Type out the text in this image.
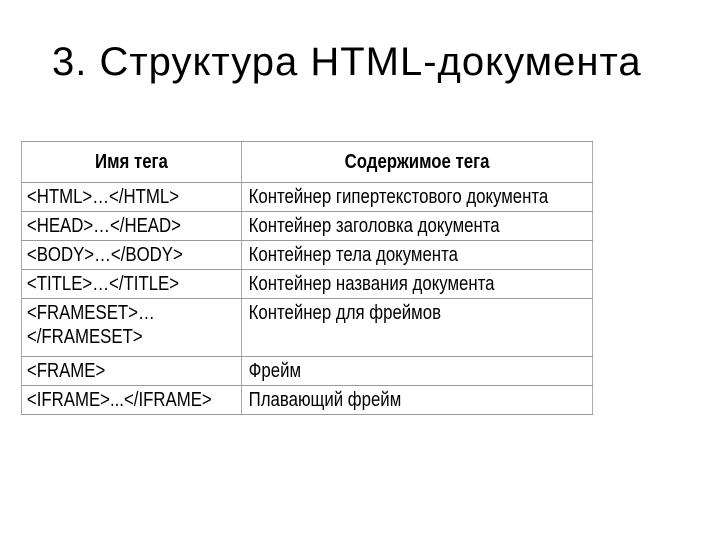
3. Структура HTML-документа
Имя тега	Содержимое тега
<HTML>…</HTML>	Контейнер гипертекстового документа
<HEAD>…</HEAD>	Контейнер заголовка документа
<BODY>…</BODY>	Контейнер тела документа
<TITLE>…</TITLE>	Контейнер названия документа
<FRAMESET>…
</FRAMESET>	Контейнер для фреймов
<FRAME>	Фрейм
<IFRAME>...</IFRAME>	Плавающий фрейм
